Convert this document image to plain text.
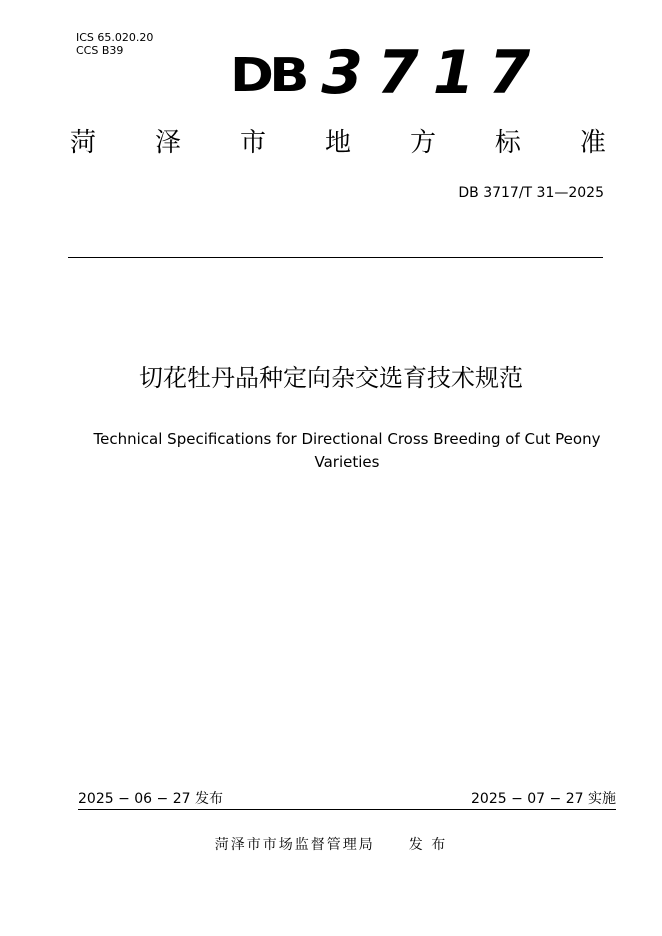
ICS 65.020.20
CCS B39 DB 3717
菏 泽 市 地 方 标 准
DB 3717/T 31—2025
切花牡丹品种定向杂交选育技术规范
Technical Specifications for Directional Cross Breeding of Cut Peony Varieties
2025 − 06 − 27 发布	2025 − 07 − 27 实施
菏泽市市场监督管理局 发 布
